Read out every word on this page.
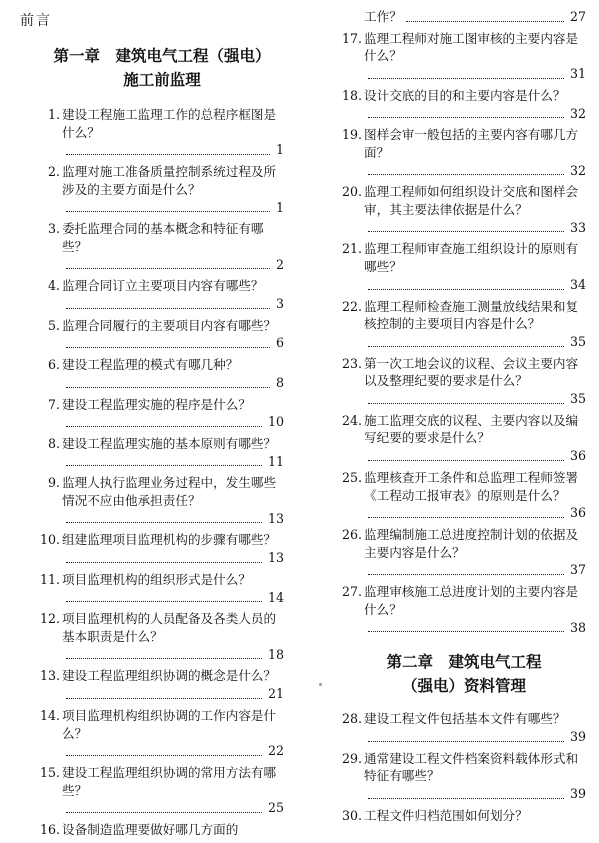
前言
第一章　建筑电气工程（强电）
施工前监理
1 . 建设工程施工监理工作的总程序框图是什么？
1
2 . 监理对施工准备质量控制系统过程及所涉及的主要方面是什么？
1
3 . 委托监理合同的基本概念和特征有哪些？
2
4 . 监理合同订立主要项目内容有哪些？
3
5 . 监理合同履行的主要项目内容有哪些？
6
6 . 建设工程监理的模式有哪几种？
8
7 . 建设工程监理实施的程序是什么？
10
8 . 建设工程监理实施的基本原则有哪些？
11
9 . 监理人执行监理业务过程中，发生哪些情况不应由他承担责任？
13
10 . 组建监理项目监理机构的步骤有哪些？
13
11 . 项目监理机构的组织形式是什么？
14
12 . 项目监理机构的人员配备及各类人员的基本职责是什么？
18
13 . 建设工程监理组织协调的概念是什么？
21
14 . 项目监理机构组织协调的工作内容是什么？
22
15 . 建设工程监理组织协调的常用方法有哪些？
25
16 . 设备制造监理要做好哪几方面的
工作？	27
17 . 监理工程师对施工图审核的主要内容是什么？
31
18 . 设计交底的目的和主要内容是什么？
32
19 . 图样会审一般包括的主要内容有哪几方面？
32
20 . 监理工程师如何组织设计交底和图样会审，其主要法律依据是什么？
33
21 . 监理工程师审查施工组织设计的原则有哪些？
34
22 . 监理工程师检查施工测量放线结果和复核控制的主要项目内容是什么？
35
23 . 第一次工地会议的议程、会议主要内容以及整理纪要的要求是什么？
35
24 . 施工监理交底的议程、主要内容以及编写纪要的要求是什么？
36
25 . 监理核查开工条件和总监理工程师签署《工程动工报审表》的原则是什么？
36
26 . 监理编制施工总进度控制计划的依据及主要内容是什么？
37
27 . 监理审核施工总进度计划的主要内容是什么？
38
第二章　建筑电气工程
（强电）资料管理
28 . 建设工程文件包括基本文件有哪些？
39
29 . 通常建设工程文件档案资料载体形式和特征有哪些？
39
30 . 工程文件归档范围如何划分？
